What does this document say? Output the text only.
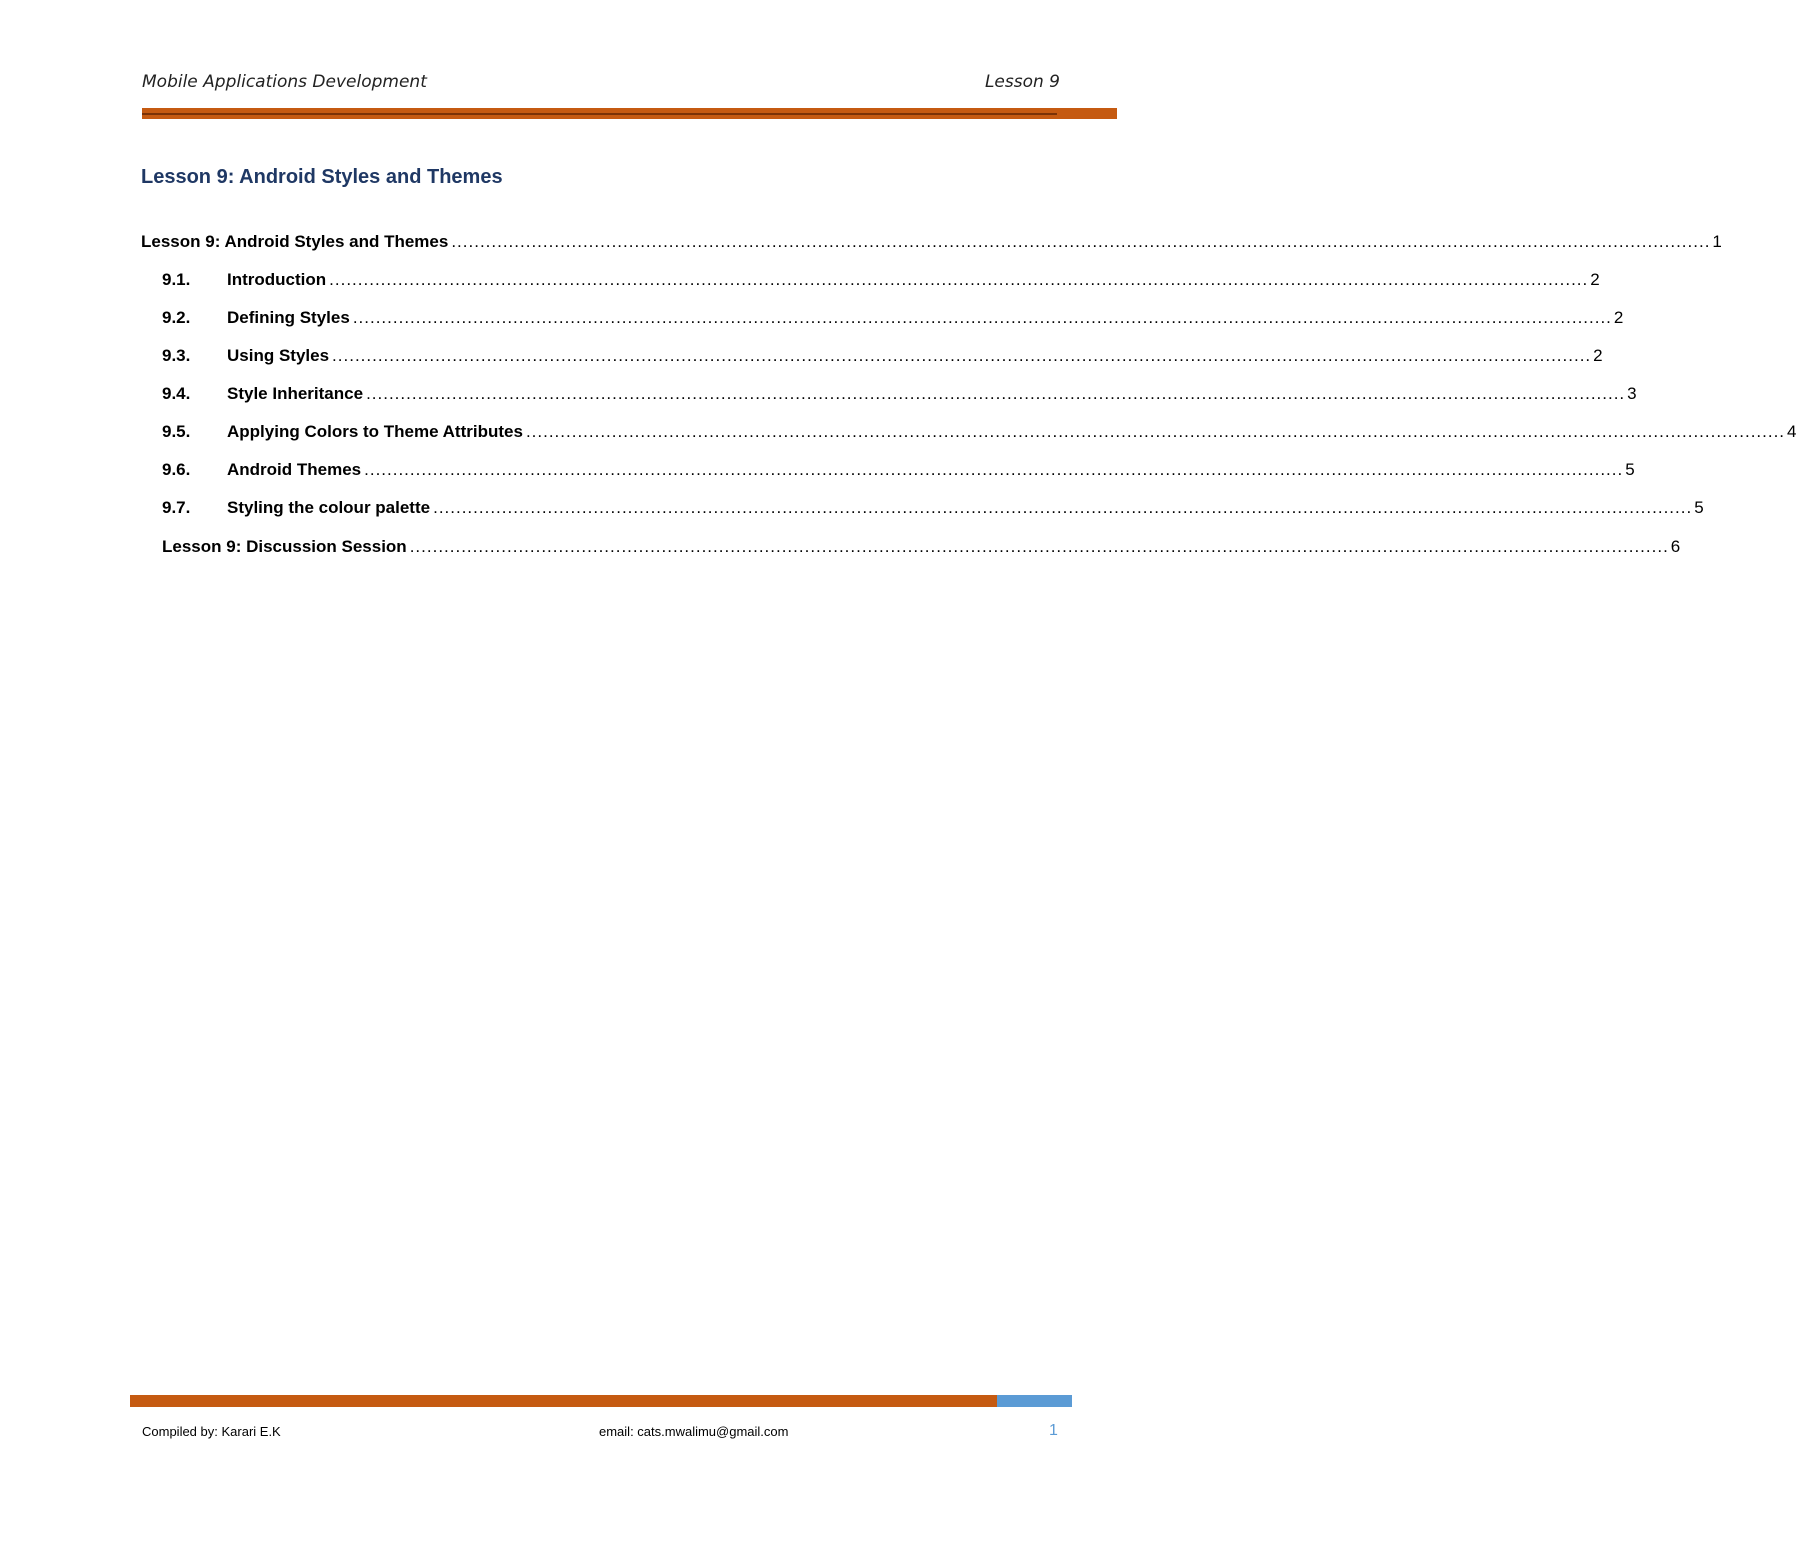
Mobile Applications Development	Lesson 9
Lesson 9: Android Styles and Themes
Lesson 9: Android Styles and Themes ............................................................................................................................................................................................................................ 1
9.1.	Introduction ............................................................................................................................................................................................................................ 2
9.2.	Defining Styles ............................................................................................................................................................................................................................ 2
9.3.	Using Styles ............................................................................................................................................................................................................................ 2
9.4.	Style Inheritance ............................................................................................................................................................................................................................ 3
9.5.	Applying Colors to Theme Attributes ............................................................................................................................................................................................................................ 4
9.6.	Android Themes ............................................................................................................................................................................................................................ 5
9.7.	Styling the colour palette ............................................................................................................................................................................................................................ 5
Lesson 9: Discussion Session ............................................................................................................................................................................................................................ 6
Compiled by: Karari E.K	email: cats.mwalimu@gmail.com	1
